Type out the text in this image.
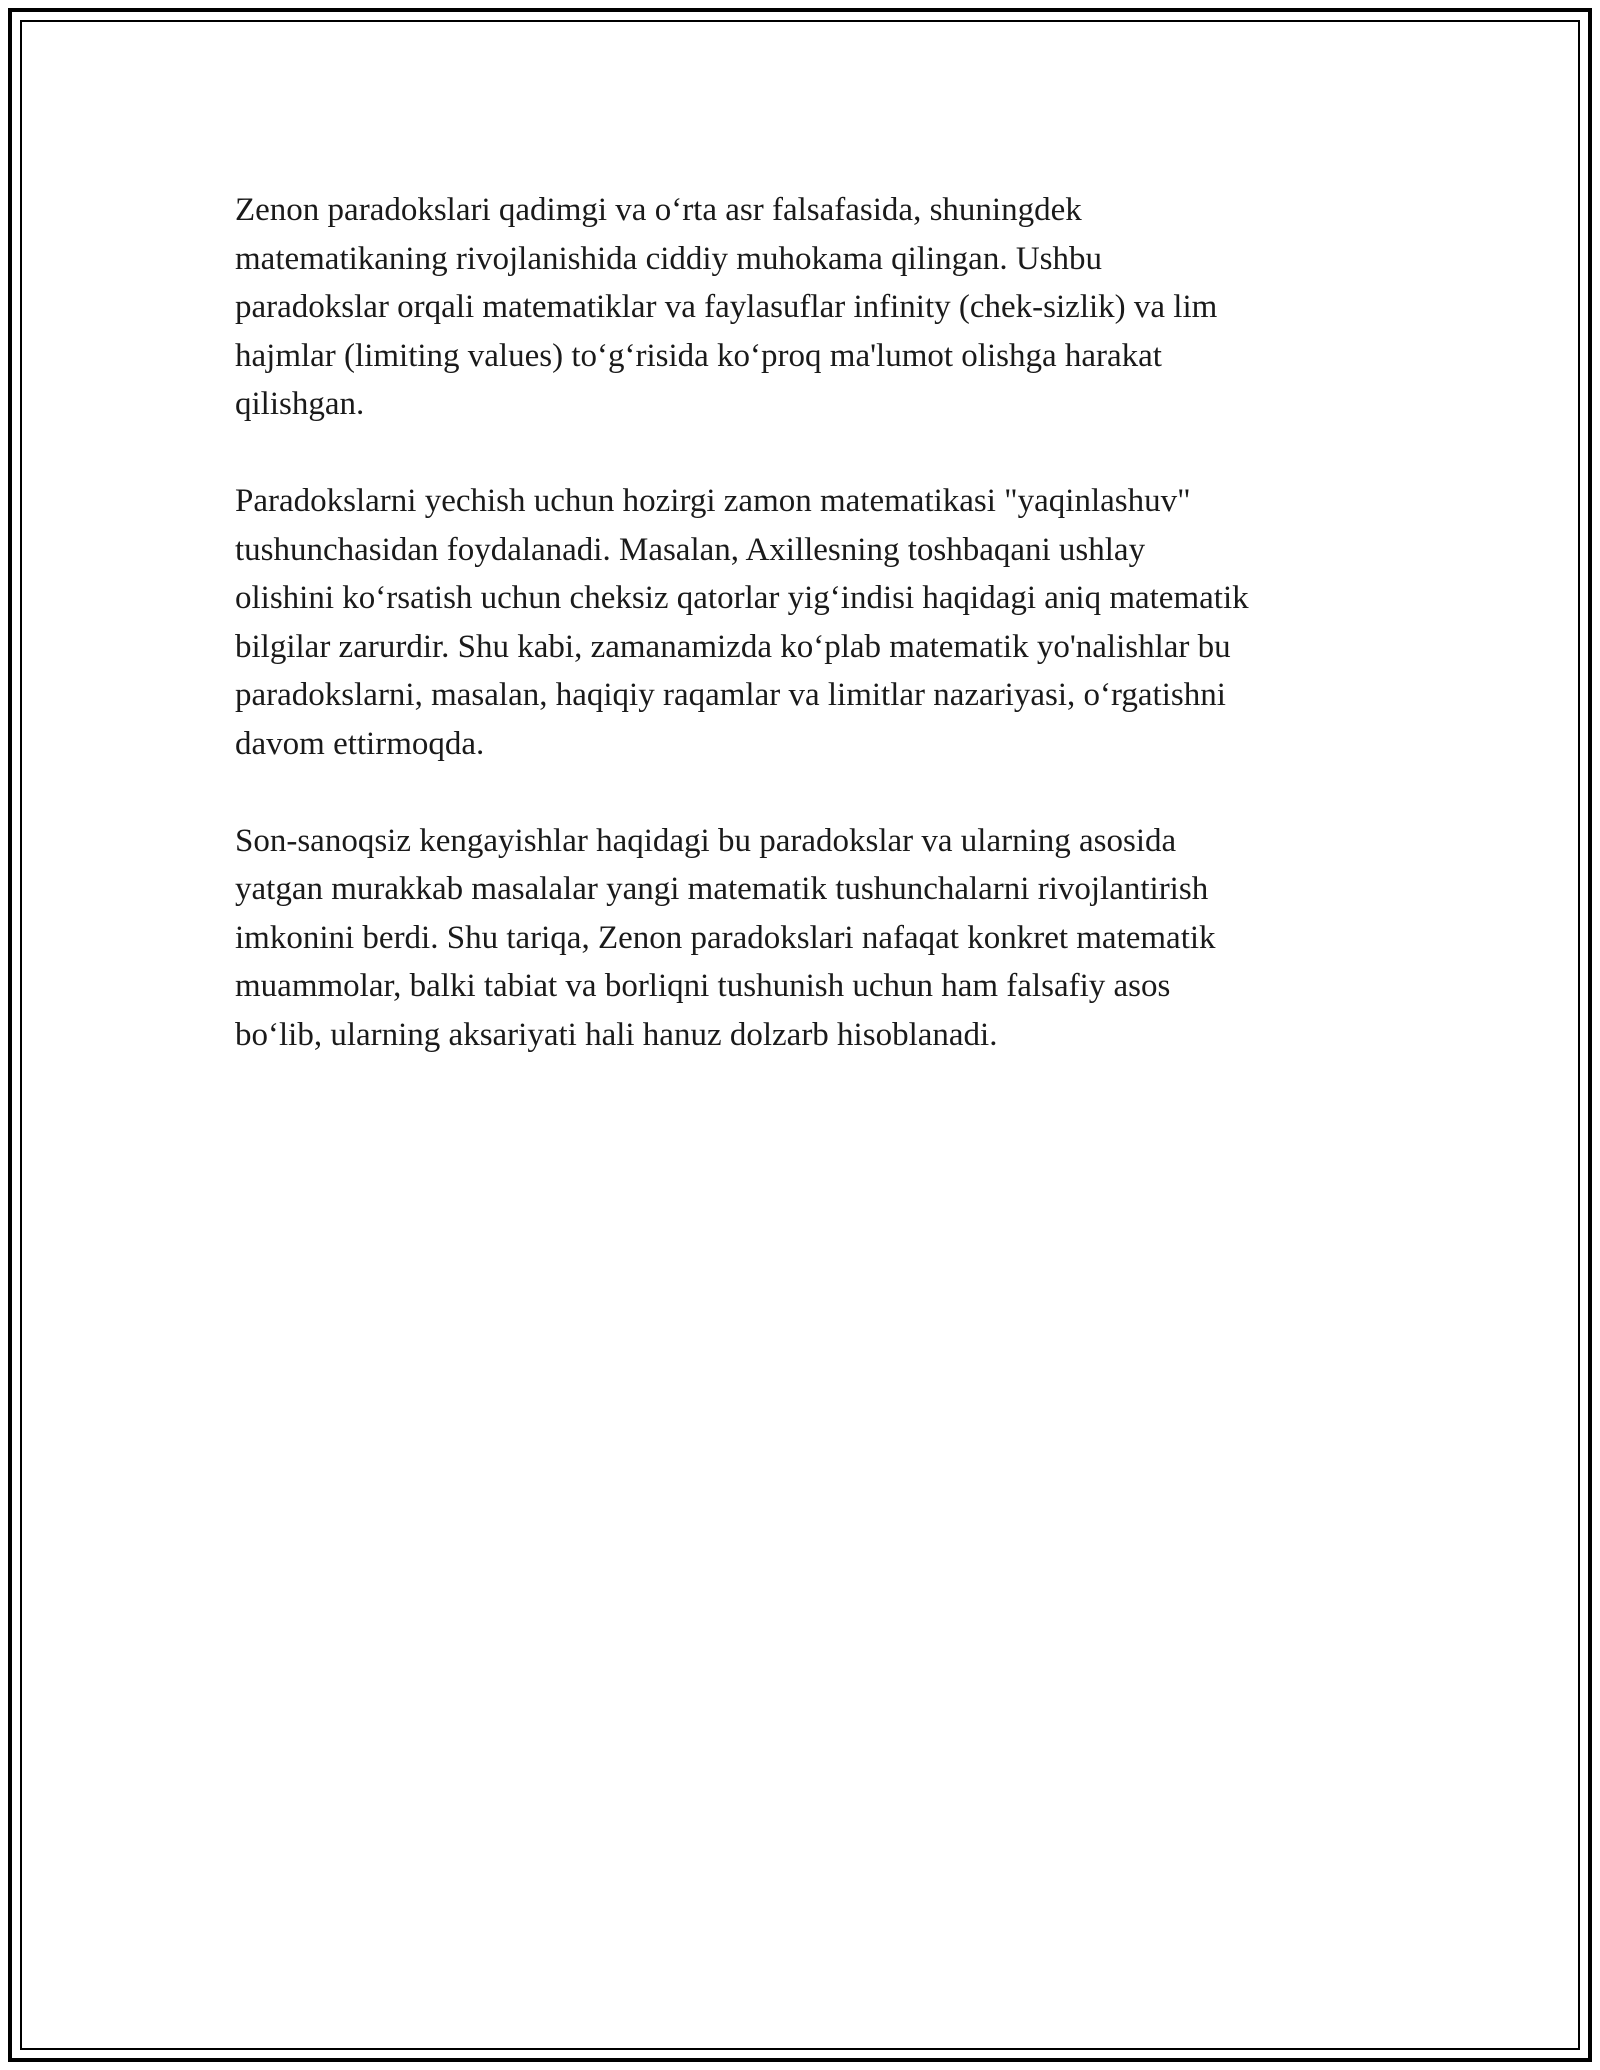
Zenon paradokslari qadimgi va o‘rta asr falsafasida, shuningdek
matematikaning rivojlanishida ciddiy muhokama qilingan. Ushbu
paradokslar orqali matematiklar va faylasuflar infinity (chek-sizlik) va lim
hajmlar (limiting values) to‘g‘risida ko‘proq ma'lumot olishga harakat
qilishgan.

Paradokslarni yechish uchun hozirgi zamon matematikasi "yaqinlashuv"
tushunchasidan foydalanadi. Masalan, Axillesning toshbaqani ushlay
olishini ko‘rsatish uchun cheksiz qatorlar yig‘indisi haqidagi aniq matematik
bilgilar zarurdir. Shu kabi, zamanamizda ko‘plab matematik yo'nalishlar bu
paradokslarni, masalan, haqiqiy raqamlar va limitlar nazariyasi, o‘rgatishni
davom ettirmoqda.

Son-sanoqsiz kengayishlar haqidagi bu paradokslar va ularning asosida
yatgan murakkab masalalar yangi matematik tushunchalarni rivojlantirish
imkonini berdi. Shu tariqa, Zenon paradokslari nafaqat konkret matematik
muammolar, balki tabiat va borliqni tushunish uchun ham falsafiy asos
bo‘lib, ularning aksariyati hali hanuz dolzarb hisoblanadi.
